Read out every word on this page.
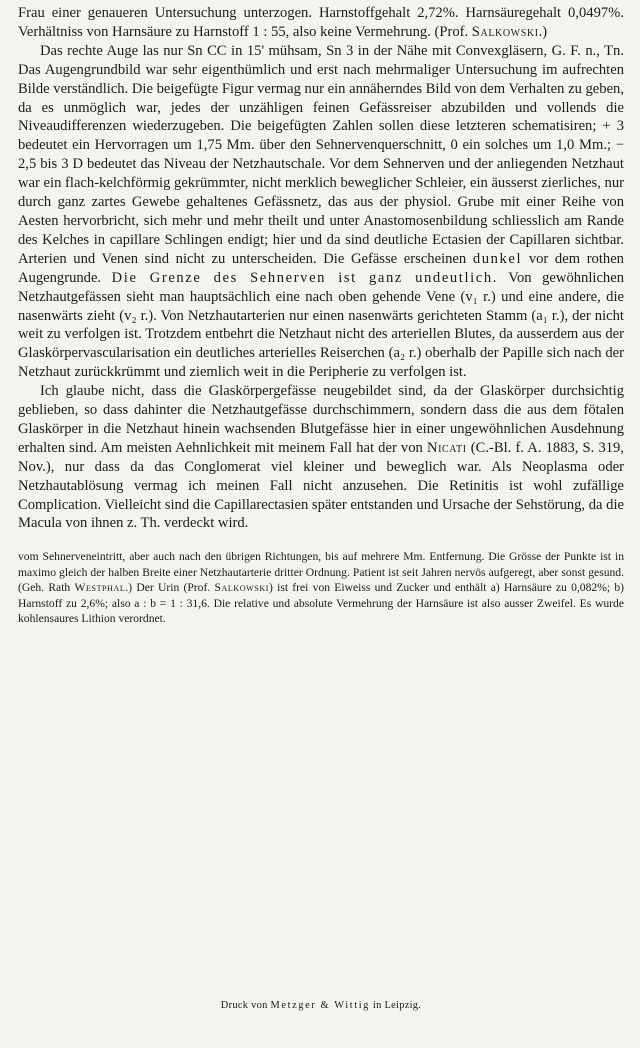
Frau einer genaueren Untersuchung unterzogen. Harnstoffgehalt 2,72%. Harnsäuregehalt 0,0497%. Verhältniss von Harnsäure zu Harnstoff 1 : 55, also keine Vermehrung. (Prof. Salkowski.)

Das rechte Auge las nur Sn CC in 15' mühsam, Sn 3 in der Nähe mit Convexgläsern, G. F. n., Tn. Das Augengrundbild war sehr eigenthümlich und erst nach mehrmaliger Untersuchung im aufrechten Bilde verständlich. Die beigefügte Figur vermag nur ein annäherndes Bild von dem Verhalten zu geben, da es unmöglich war, jedes der unzähligen feinen Gefässreiser abzubilden und vollends die Niveaudifferenzen wiederzugeben. Die beigefügten Zahlen sollen diese letzteren schematisiren; + 3 bedeutet ein Hervorragen um 1,75 Mm. über den Sehnervenquerschnitt, 0 ein solches um 1,0 Mm.; − 2,5 bis 3 D bedeutet das Niveau der Netzhautschale. Vor dem Sehnerven und der anliegenden Netzhaut war ein flach-kelchförmig gekrümmter, nicht merklich beweglicher Schleier, ein äusserst zierliches, nur durch ganz zartes Gewebe gehaltenes Gefässnetz, das aus der physiol. Grube mit einer Reihe von Aesten hervorbricht, sich mehr und mehr theilt und unter Anastomosenbildung schliesslich am Rande des Kelches in capillare Schlingen endigt; hier und da sind deutliche Ectasien der Capillaren sichtbar. Arterien und Venen sind nicht zu unterscheiden. Die Gefässe erscheinen dunkel vor dem rothen Augengrunde. Die Grenze des Sehnerven ist ganz undeutlich. Von gewöhnlichen Netzhautgefässen sieht man hauptsächlich eine nach oben gehende Vene (v₁ r.) und eine andere, die nasenwärts zieht (v₂ r.). Von Netzhautarterien nur einen nasenwärts gerichteten Stamm (a₁ r.), der nicht weit zu verfolgen ist. Trotzdem entbehrt die Netzhaut nicht des arteriellen Blutes, da ausserdem aus der Glaskörpervascularisation ein deutliches arterielles Reiserchen (a₂ r.) oberhalb der Papille sich nach der Netzhaut zurückkrümmt und ziemlich weit in die Peripherie zu verfolgen ist.

Ich glaube nicht, dass die Glaskörpergefässe neugebildet sind, da der Glaskörper durchsichtig geblieben, so dass dahinter die Netzhautgefässe durchschimmern, sondern dass die aus dem fötalen Glaskörper in die Netzhaut hinein wachsenden Blutgefässe hier in einer ungewöhnlichen Ausdehnung erhalten sind. Am meisten Aehnlichkeit mit meinem Fall hat der von Nicati (C.-Bl. f. A. 1883, S. 319, Nov.), nur dass da das Conglomerat viel kleiner und beweglich war. Als Neoplasma oder Netzhautablösung vermag ich meinen Fall nicht anzusehen. Die Retinitis ist wohl zufällige Complication. Vielleicht sind die Capillarectasien später entstanden und Ursache der Sehstörung, da die Macula von ihnen z. Th. verdeckt wird.

vom Sehnerveneintritt, aber auch nach den übrigen Richtungen, bis auf mehrere Mm. Entfernung. Die Grösse der Punkte ist in maximo gleich der halben Breite einer Netzhautarterie dritter Ordnung. Patient ist seit Jahren nervös aufgeregt, aber sonst gesund. (Geh. Rath Westphal.) Der Urin (Prof. Salkowski) ist frei von Eiweiss und Zucker und enthält a) Harnsäure zu 0,082%; b) Harnstoff zu 2,6%; also a : b = 1 : 31,6. Die relative und absolute Vermehrung der Harnsäure ist also ausser Zweifel. Es wurde kohlensaures Lithion verordnet.

Druck von Metzger & Wittig in Leipzig.
